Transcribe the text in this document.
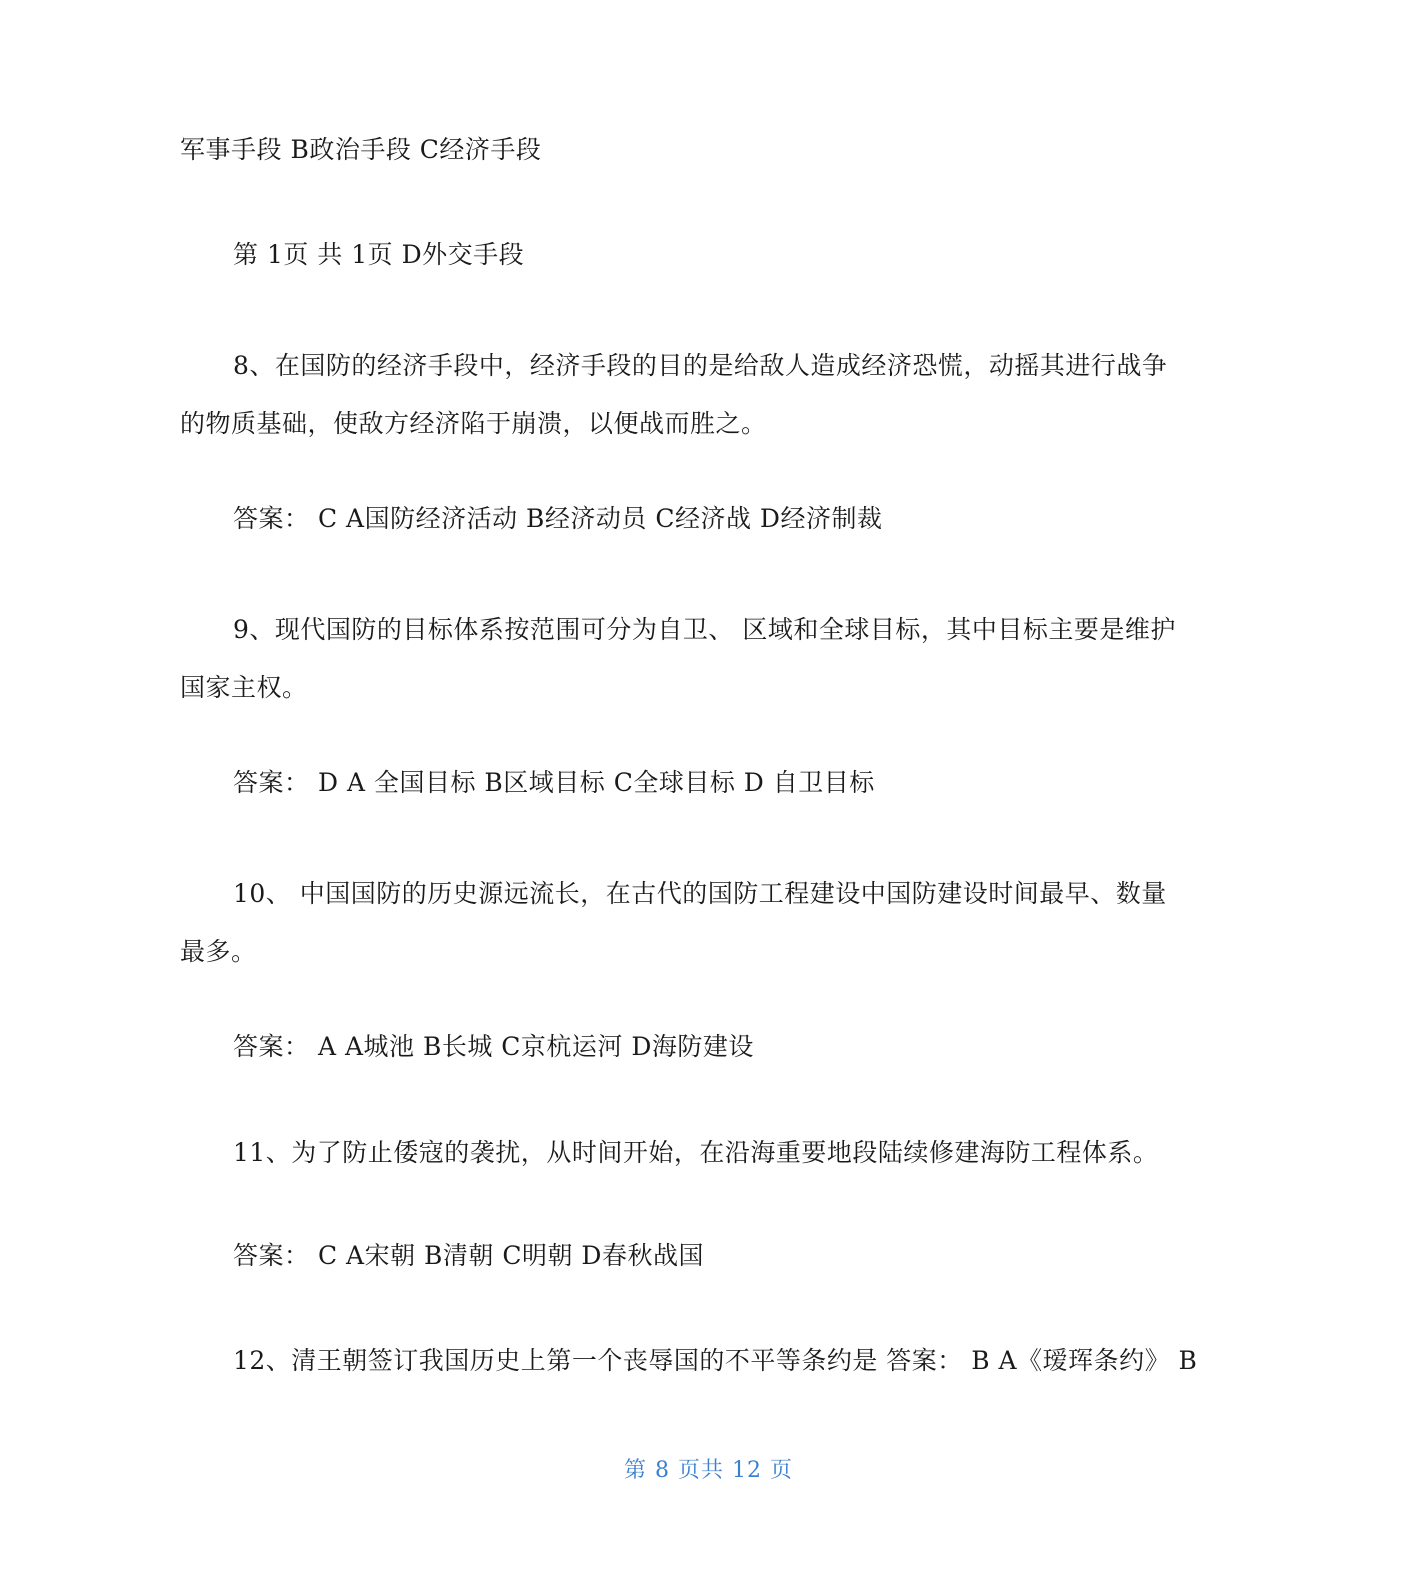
军事手段 B政治手段 C经济手段
第 1页 共 1页 D外交手段
8、在国防的经济手段中，经济手段的目的是给敌人造成经济恐慌，动摇其进行战争
的物质基础，使敌方经济陷于崩溃，以便战而胜之。
答案： C A国防经济活动 B经济动员 C经济战 D经济制裁
9、现代国防的目标体系按范围可分为自卫、 区域和全球目标，其中目标主要是维护
国家主权。
答案： D A 全国目标 B区域目标 C全球目标 D 自卫目标
10、 中国国防的历史源远流长，在古代的国防工程建设中国防建设时间最早、数量
最多。
答案： A A城池 B长城 C京杭运河 D海防建设
11、为了防止倭寇的袭扰，从时间开始，在沿海重要地段陆续修建海防工程体系。
答案： C A宋朝 B清朝 C明朝 D春秋战国
12、清王朝签订我国历史上第一个丧辱国的不平等条约是 答案： B A《瑷珲条约》 B
第 8 页共 12 页
